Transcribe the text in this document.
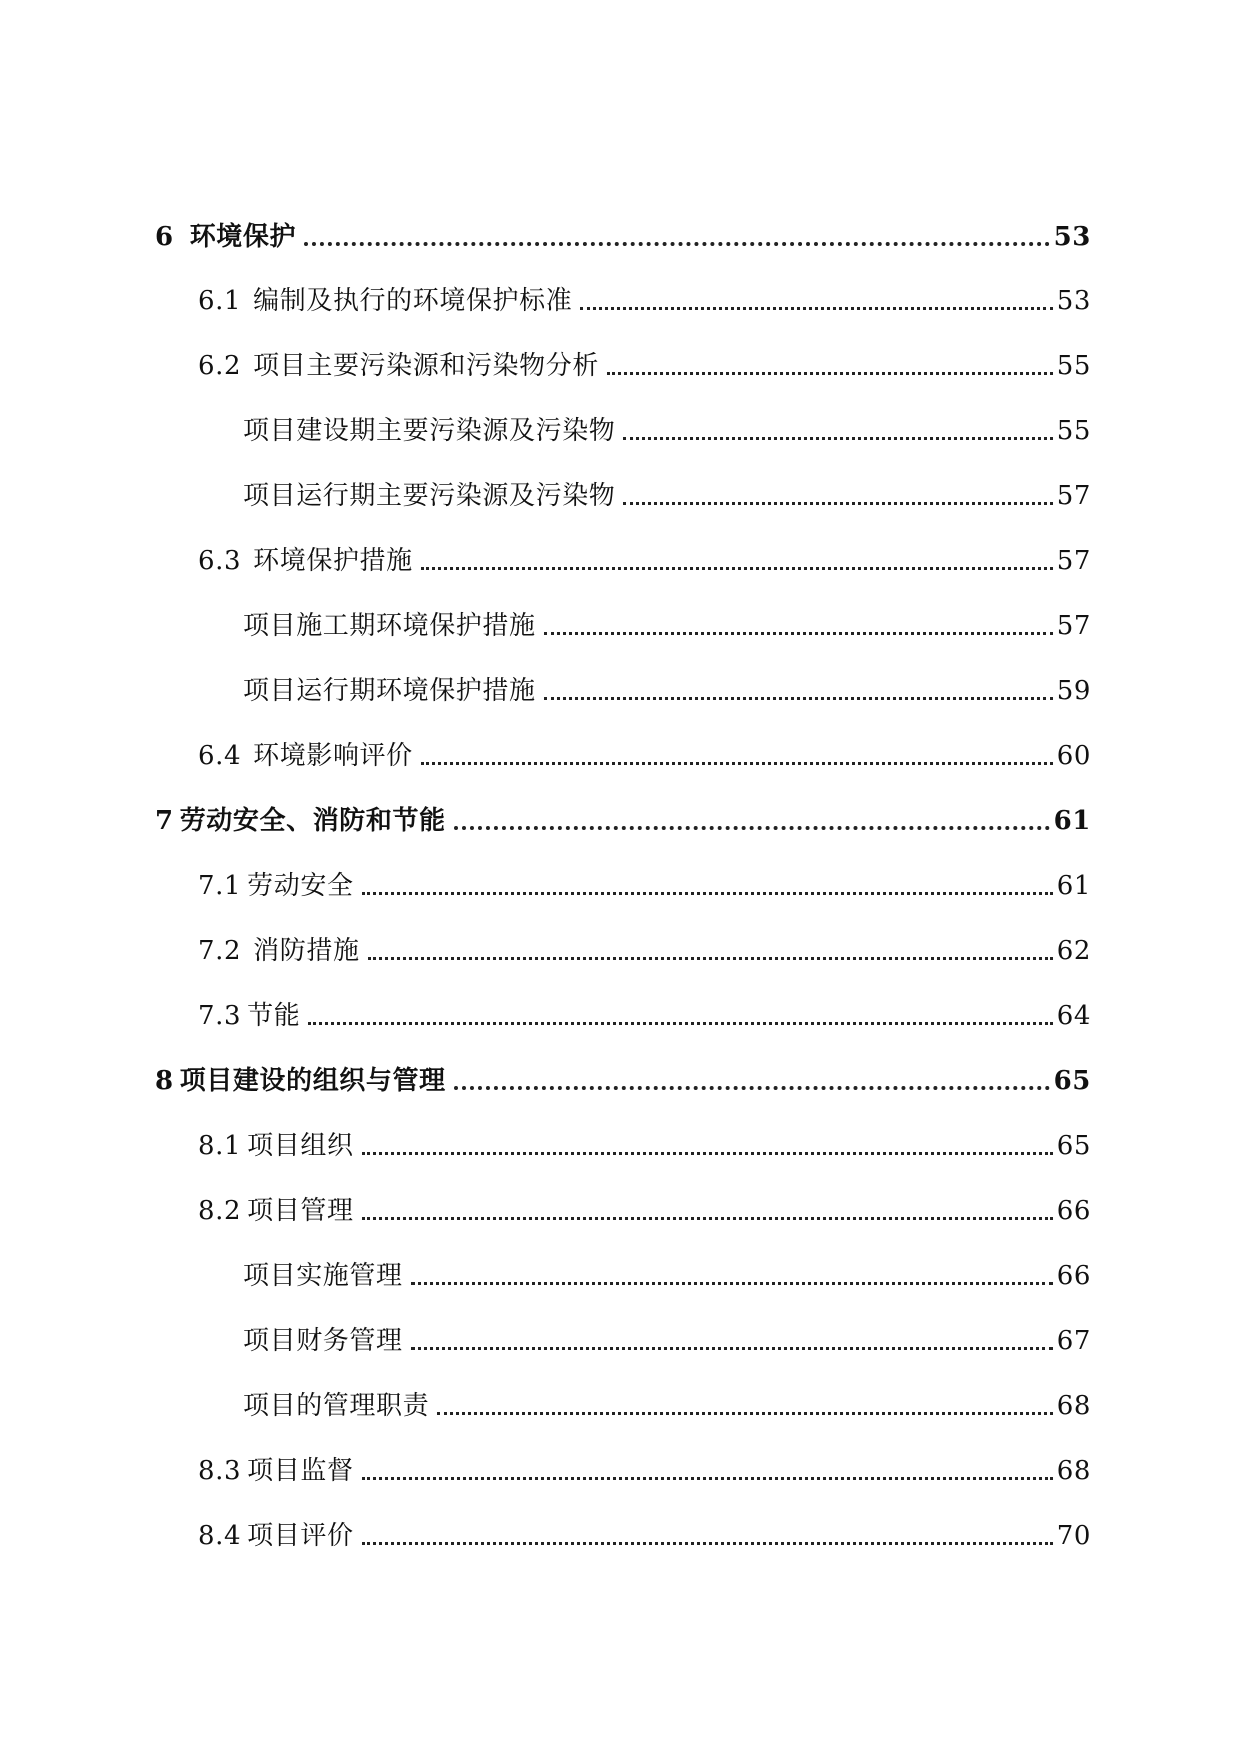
6 环境保护	53
6.1 编制及执行的环境保护标准	53
6.2 项目主要污染源和污染物分析	55
项目建设期主要污染源及污染物	55
项目运行期主要污染源及污染物	57
6.3 环境保护措施	57
项目施工期环境保护措施	57
项目运行期环境保护措施	59
6.4 环境影响评价	60
7 劳动安全、消防和节能	61
7.1 劳动安全	61
7.2 消防措施	62
7.3 节能	64
8 项目建设的组织与管理	65
8.1 项目组织	65
8.2 项目管理	66
项目实施管理	66
项目财务管理	67
项目的管理职责	68
8.3 项目监督	68
8.4 项目评价	70
